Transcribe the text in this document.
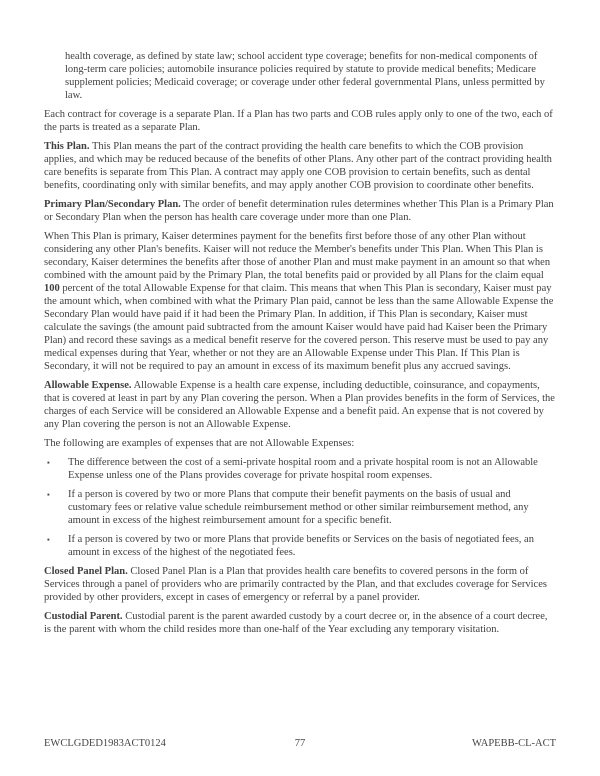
health coverage, as defined by state law; school accident type coverage; benefits for non-medical components of long-term care policies; automobile insurance policies required by statute to provide medical benefits; Medicare supplement policies; Medicaid coverage; or coverage under other federal governmental Plans, unless permitted by law.

Each contract for coverage is a separate Plan. If a Plan has two parts and COB rules apply only to one of the two, each of the parts is treated as a separate Plan.

This Plan. This Plan means the part of the contract providing the health care benefits to which the COB provision applies, and which may be reduced because of the benefits of other Plans. Any other part of the contract providing health care benefits is separate from This Plan. A contract may apply one COB provision to certain benefits, such as dental benefits, coordinating only with similar benefits, and may apply another COB provision to coordinate other benefits.

Primary Plan/Secondary Plan. The order of benefit determination rules determines whether This Plan is a Primary Plan or Secondary Plan when the person has health care coverage under more than one Plan.

When This Plan is primary, Kaiser determines payment for the benefits first before those of any other Plan without considering any other Plan's benefits. Kaiser will not reduce the Member's benefits under This Plan. When This Plan is secondary, Kaiser determines the benefits after those of another Plan and must make payment in an amount so that when combined with the amount paid by the Primary Plan, the total benefits paid or provided by all Plans for the claim equal 100 percent of the total Allowable Expense for that claim. This means that when This Plan is secondary, Kaiser must pay the amount which, when combined with what the Primary Plan paid, cannot be less than the same Allowable Expense the Secondary Plan would have paid if it had been the Primary Plan. In addition, if This Plan is secondary, Kaiser must calculate the savings (the amount paid subtracted from the amount Kaiser would have paid had Kaiser been the Primary Plan) and record these savings as a medical benefit reserve for the covered person. This reserve must be used to pay any medical expenses during that Year, whether or not they are an Allowable Expense under This Plan. If This Plan is Secondary, it will not be required to pay an amount in excess of its maximum benefit plus any accrued savings.

Allowable Expense. Allowable Expense is a health care expense, including deductible, coinsurance, and copayments, that is covered at least in part by any Plan covering the person. When a Plan provides benefits in the form of Services, the charges of each Service will be considered an Allowable Expense and a benefit paid. An expense that is not covered by any Plan covering the person is not an Allowable Expense.

The following are examples of expenses that are not Allowable Expenses:

▪	The difference between the cost of a semi-private hospital room and a private hospital room is not an Allowable Expense unless one of the Plans provides coverage for private hospital room expenses.
▪	If a person is covered by two or more Plans that compute their benefit payments on the basis of usual and customary fees or relative value schedule reimbursement method or other similar reimbursement method, any amount in excess of the highest reimbursement amount for a specific benefit.
▪	If a person is covered by two or more Plans that provide benefits or Services on the basis of negotiated fees, an amount in excess of the highest of the negotiated fees.

Closed Panel Plan. Closed Panel Plan is a Plan that provides health care benefits to covered persons in the form of Services through a panel of providers who are primarily contracted by the Plan, and that excludes coverage for Services provided by other providers, except in cases of emergency or referral by a panel provider.

Custodial Parent. Custodial parent is the parent awarded custody by a court decree or, in the absence of a court decree, is the parent with whom the child resides more than one-half of the Year excluding any temporary visitation.

EWCLGDED1983ACT0124	77	WAPEBB-CL-ACT
